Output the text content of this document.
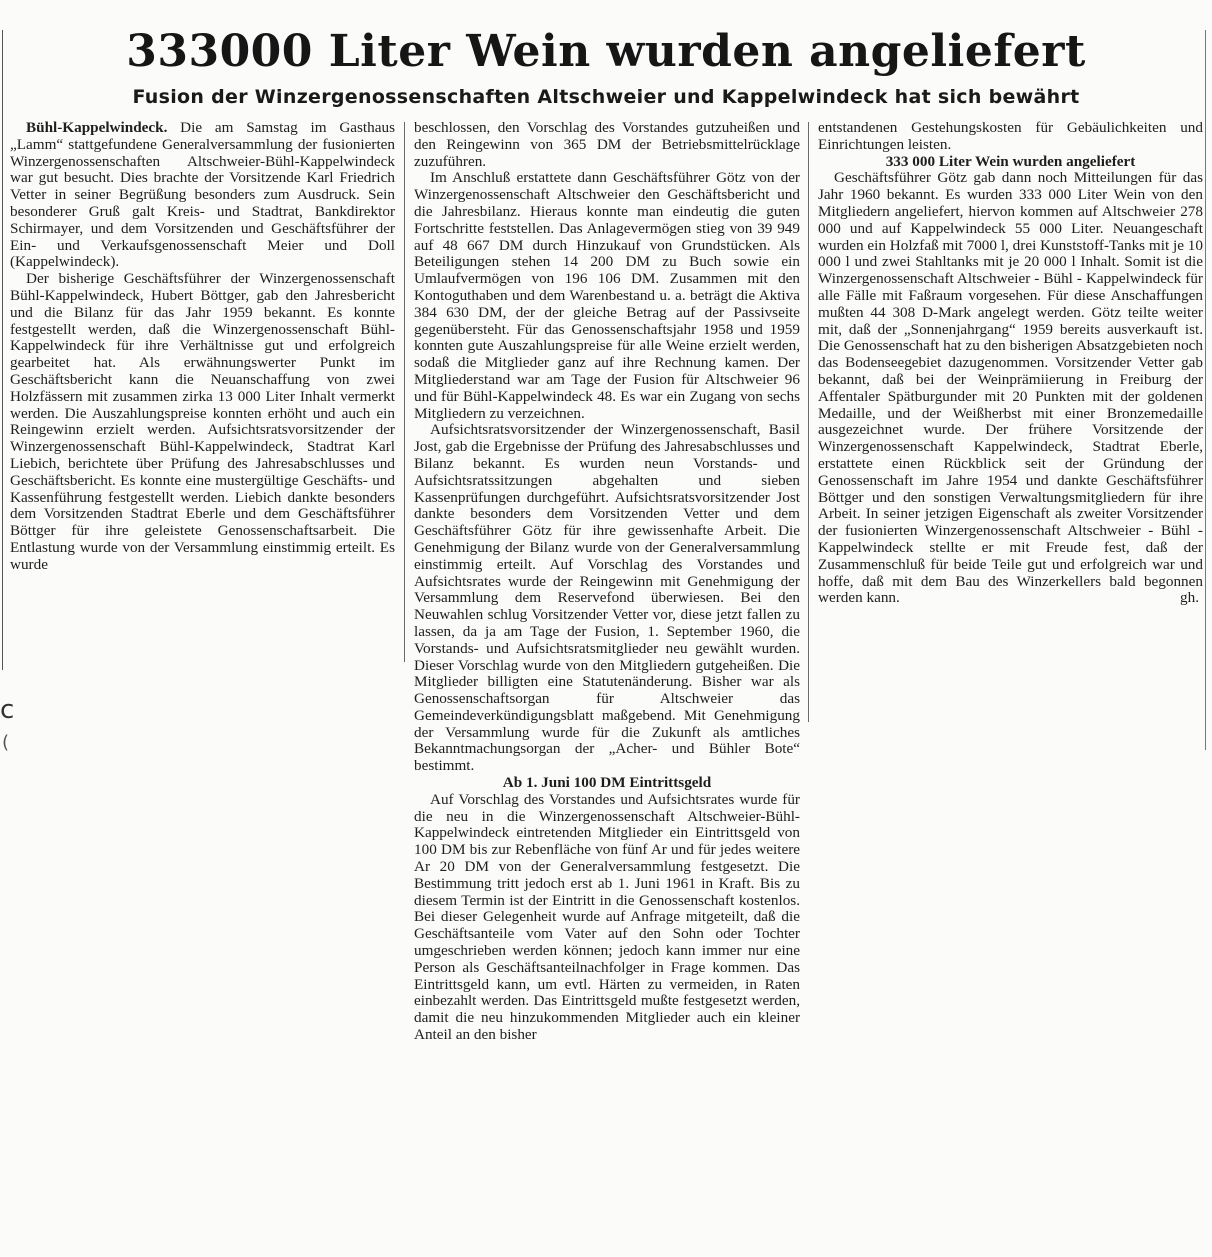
333000 Liter Wein wurden angeliefert
Fusion der Winzergenossenschaften Altschweier und Kappelwindeck hat sich bewährt

Bühl-Kappelwindeck. Die am Samstag im Gasthaus „Lamm“ stattgefundene Generalversammlung der fusionierten Winzergenossenschaften Altschweier-Bühl-Kappelwindeck war gut besucht. Dies brachte der Vorsitzende Karl Friedrich Vetter in seiner Begrüßung besonders zum Ausdruck. Sein besonderer Gruß galt Kreis- und Stadtrat, Bankdirektor Schirmayer, und dem Vorsitzenden und Geschäftsführer der Ein- und Verkaufsgenossenschaft Meier und Doll (Kappelwindeck).

Der bisherige Geschäftsführer der Winzergenossenschaft Bühl-Kappelwindeck, Hubert Böttger, gab den Jahresbericht und die Bilanz für das Jahr 1959 bekannt. Es konnte festgestellt werden, daß die Winzergenossenschaft Bühl-Kappelwindeck für ihre Verhältnisse gut und erfolgreich gearbeitet hat. Als erwähnungswerter Punkt im Geschäftsbericht kann die Neuanschaffung von zwei Holzfässern mit zusammen zirka 13 000 Liter Inhalt vermerkt werden. Die Auszahlungspreise konnten erhöht und auch ein Reingewinn erzielt werden. Aufsichtsratsvorsitzender der Winzergenossenschaft Bühl-Kappelwindeck, Stadtrat Karl Liebich, berichtete über Prüfung des Jahresabschlusses und Geschäftsbericht. Es konnte eine mustergültige Geschäfts- und Kassenführung festgestellt werden. Liebich dankte besonders dem Vorsitzenden Stadtrat Eberle und dem Geschäftsführer Böttger für ihre geleistete Genossenschaftsarbeit. Die Entlastung wurde von der Versammlung einstimmig erteilt. Es wurde

beschlossen, den Vorschlag des Vorstandes gutzuheißen und den Reingewinn von 365 DM der Betriebsmittelrücklage zuzuführen.

Im Anschluß erstattete dann Geschäftsführer Götz von der Winzergenossenschaft Altschweier den Geschäftsbericht und die Jahresbilanz. Hieraus konnte man eindeutig die guten Fortschritte feststellen. Das Anlagevermögen stieg von 39 949 auf 48 667 DM durch Hinzukauf von Grundstücken. Als Beteiligungen stehen 14 200 DM zu Buch sowie ein Umlaufvermögen von 196 106 DM. Zusammen mit den Kontoguthaben und dem Warenbestand u. a. beträgt die Aktiva 384 630 DM, der der gleiche Betrag auf der Passivseite gegenübersteht. Für das Genossenschaftsjahr 1958 und 1959 konnten gute Auszahlungspreise für alle Weine erzielt werden, sodaß die Mitglieder ganz auf ihre Rechnung kamen. Der Mitgliederstand war am Tage der Fusion für Altschweier 96 und für Bühl-Kappelwindeck 48. Es war ein Zugang von sechs Mitgliedern zu verzeichnen.

Aufsichtsratsvorsitzender der Winzergenossenschaft, Basil Jost, gab die Ergebnisse der Prüfung des Jahresabschlusses und Bilanz bekannt. Es wurden neun Vorstands- und Aufsichtsratssitzungen abgehalten und sieben Kassenprüfungen durchgeführt. Aufsichtsratsvorsitzender Jost dankte besonders dem Vorsitzenden Vetter und dem Geschäftsführer Götz für ihre gewissenhafte Arbeit. Die Genehmigung der Bilanz wurde von der Generalversammlung einstimmig erteilt. Auf Vorschlag des Vorstandes und Aufsichtsrates wurde der Reingewinn mit Genehmigung der Versammlung dem Reservefond überwiesen. Bei den Neuwahlen schlug Vorsitzender Vetter vor, diese jetzt fallen zu lassen, da ja am Tage der Fusion, 1. September 1960, die Vorstands- und Aufsichtsratsmitglieder neu gewählt wurden. Dieser Vorschlag wurde von den Mitgliedern gutgeheißen. Die Mitglieder billigten eine Statutenänderung. Bisher war als Genossenschaftsorgan für Altschweier das Gemeindeverkündigungsblatt maßgebend. Mit Genehmigung der Versammlung wurde für die Zukunft als amtliches Bekanntmachungsorgan der „Acher- und Bühler Bote“ bestimmt.

Ab 1. Juni 100 DM Eintrittsgeld

Auf Vorschlag des Vorstandes und Aufsichtsrates wurde für die neu in die Winzergenossenschaft Altschweier-Bühl-Kappelwindeck eintretenden Mitglieder ein Eintrittsgeld von 100 DM bis zur Rebenfläche von fünf Ar und für jedes weitere Ar 20 DM von der Generalversammlung festgesetzt. Die Bestimmung tritt jedoch erst ab 1. Juni 1961 in Kraft. Bis zu diesem Termin ist der Eintritt in die Genossenschaft kostenlos. Bei dieser Gelegenheit wurde auf Anfrage mitgeteilt, daß die Geschäftsanteile vom Vater auf den Sohn oder Tochter umgeschrieben werden können; jedoch kann immer nur eine Person als Geschäftsanteilnachfolger in Frage kommen. Das Eintrittsgeld kann, um evtl. Härten zu vermeiden, in Raten einbezahlt werden. Das Eintrittsgeld mußte festgesetzt werden, damit die neu hinzukommenden Mitglieder auch ein kleiner Anteil an den bisher

entstandenen Gestehungskosten für Gebäulichkeiten und Einrichtungen leisten.

333 000 Liter Wein wurden angeliefert

Geschäftsführer Götz gab dann noch Mitteilungen für das Jahr 1960 bekannt. Es wurden 333 000 Liter Wein von den Mitgliedern angeliefert, hiervon kommen auf Altschweier 278 000 und auf Kappelwindeck 55 000 Liter. Neuangeschaft wurden ein Holzfaß mit 7000 l, drei Kunststoff-Tanks mit je 10 000 l und zwei Stahltanks mit je 20 000 l Inhalt. Somit ist die Winzergenossenschaft Altschweier - Bühl - Kappelwindeck für alle Fälle mit Faßraum vorgesehen. Für diese Anschaffungen mußten 44 308 D-Mark angelegt werden. Götz teilte weiter mit, daß der „Sonnenjahrgang“ 1959 bereits ausverkauft ist. Die Genossenschaft hat zu den bisherigen Absatzgebieten noch das Bodenseegebiet dazugenommen. Vorsitzender Vetter gab bekannt, daß bei der Weinprämiierung in Freiburg der Affentaler Spätburgunder mit 20 Punkten mit der goldenen Medaille, und der Weißherbst mit einer Bronzemedaille ausgezeichnet wurde. Der frühere Vorsitzende der Winzergenossenschaft Kappelwindeck, Stadtrat Eberle, erstattete einen Rückblick seit der Gründung der Genossenschaft im Jahre 1954 und dankte Geschäftsführer Böttger und den sonstigen Verwaltungsmitgliedern für ihre Arbeit. In seiner jetzigen Eigenschaft als zweiter Vorsitzender der fusionierten Winzergenossenschaft Altschweier - Bühl - Kappelwindeck stellte er mit Freude fest, daß der Zusammenschluß für beide Teile gut und erfolgreich war und hoffe, daß mit dem Bau des Winzerkellers bald begonnen werden kann.	gh.

c
(
